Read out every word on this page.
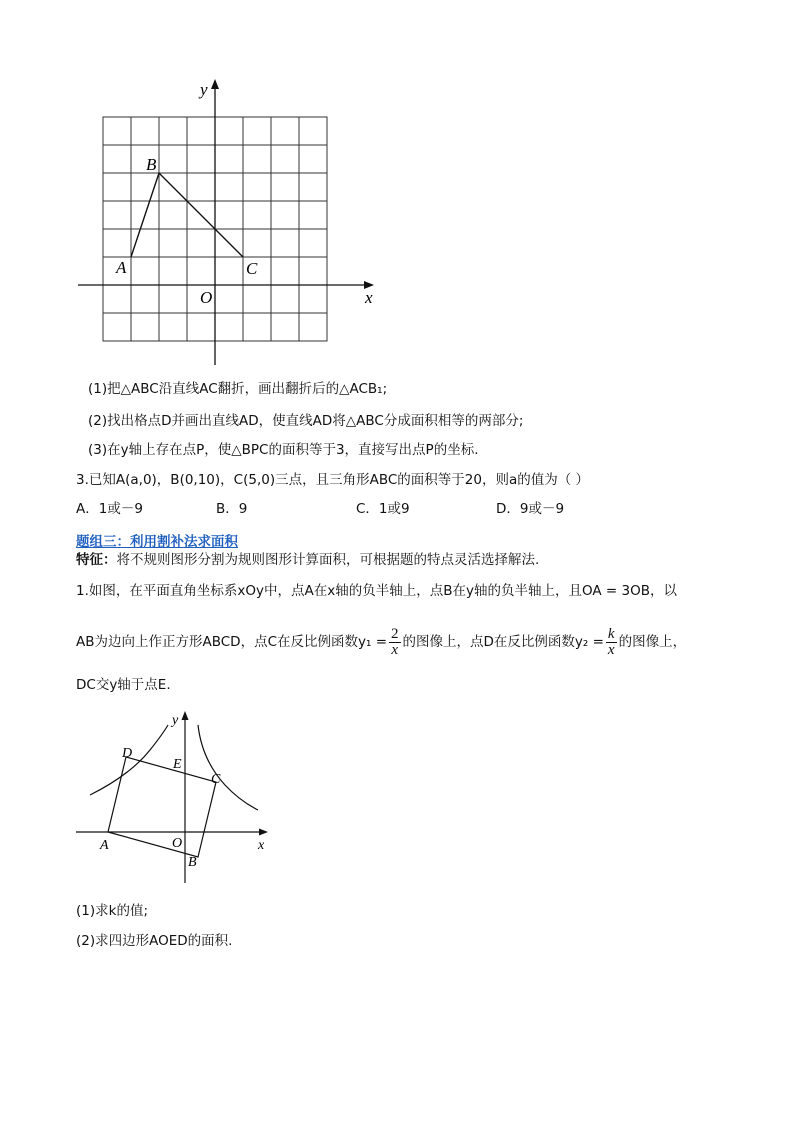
y
x
O
A
B
C
(1)把△ABC沿直线AC翻折，画出翻折后的△ACB₁;
(2)找出格点D并画出直线AD，使直线AD将△ABC分成面积相等的两部分;
(3)在y轴上存在点P，使△BPC的面积等于3，直接写出点P的坐标.
3.已知A(a,0)，B(0,10)，C(5,0)三点，且三角形ABC的面积等于20，则a的值为（ ）
A．1或－9	B．9	C．1或9	D．9或－9
题组三：利用割补法求面积
特征：将不规则图形分割为规则图形计算面积，可根据题的特点灵活选择解法.
1.如图，在平面直角坐标系xOy中，点A在x轴的负半轴上，点B在y轴的负半轴上，且OA = 3OB，以
AB为边向上作正方形ABCD，点C在反比例函数$y_1 = \frac{2}{x}$ 的图像上，点D在反比例函数$y_2 = \frac{k}{x}$ 的图像上，
DC交y轴于点E.
y
x
O
A
B
C
D
E
(1)求k的值;
(2)求四边形AOED的面积.
